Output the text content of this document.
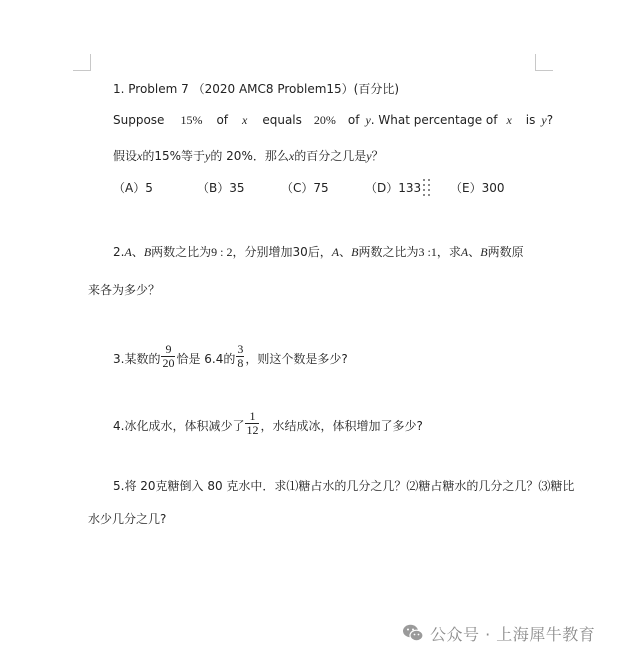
1. Problem 7 （2020 AMC8 Problem15）(百分比)
Suppose 15% of x equals 20% of y. What percentage of x is y?
假设x的15%等于y的 20%．那么x的百分之几是y？
（A）5	（B）35	（C）75	（D）133	（E）300
2.A、B两数之比为9 : 2，分别增加30后，A、B两数之比为3 :1，求A、B两数原
来各为多少？
3.某数的 $\frac{9}{20}$ 恰是 6.4的 $\frac{3}{8}$ ，则这个数是多少?
4.冰化成水，体积减少了 $\frac{1}{12}$ ，水结成冰，体积增加了多少?
5.将 20克糖倒入 80 克水中．求⑴糖占水的几分之几？⑵糖占糖水的几分之几？⑶糖比
水少几分之几?
公众号 · 上海犀牛教育
